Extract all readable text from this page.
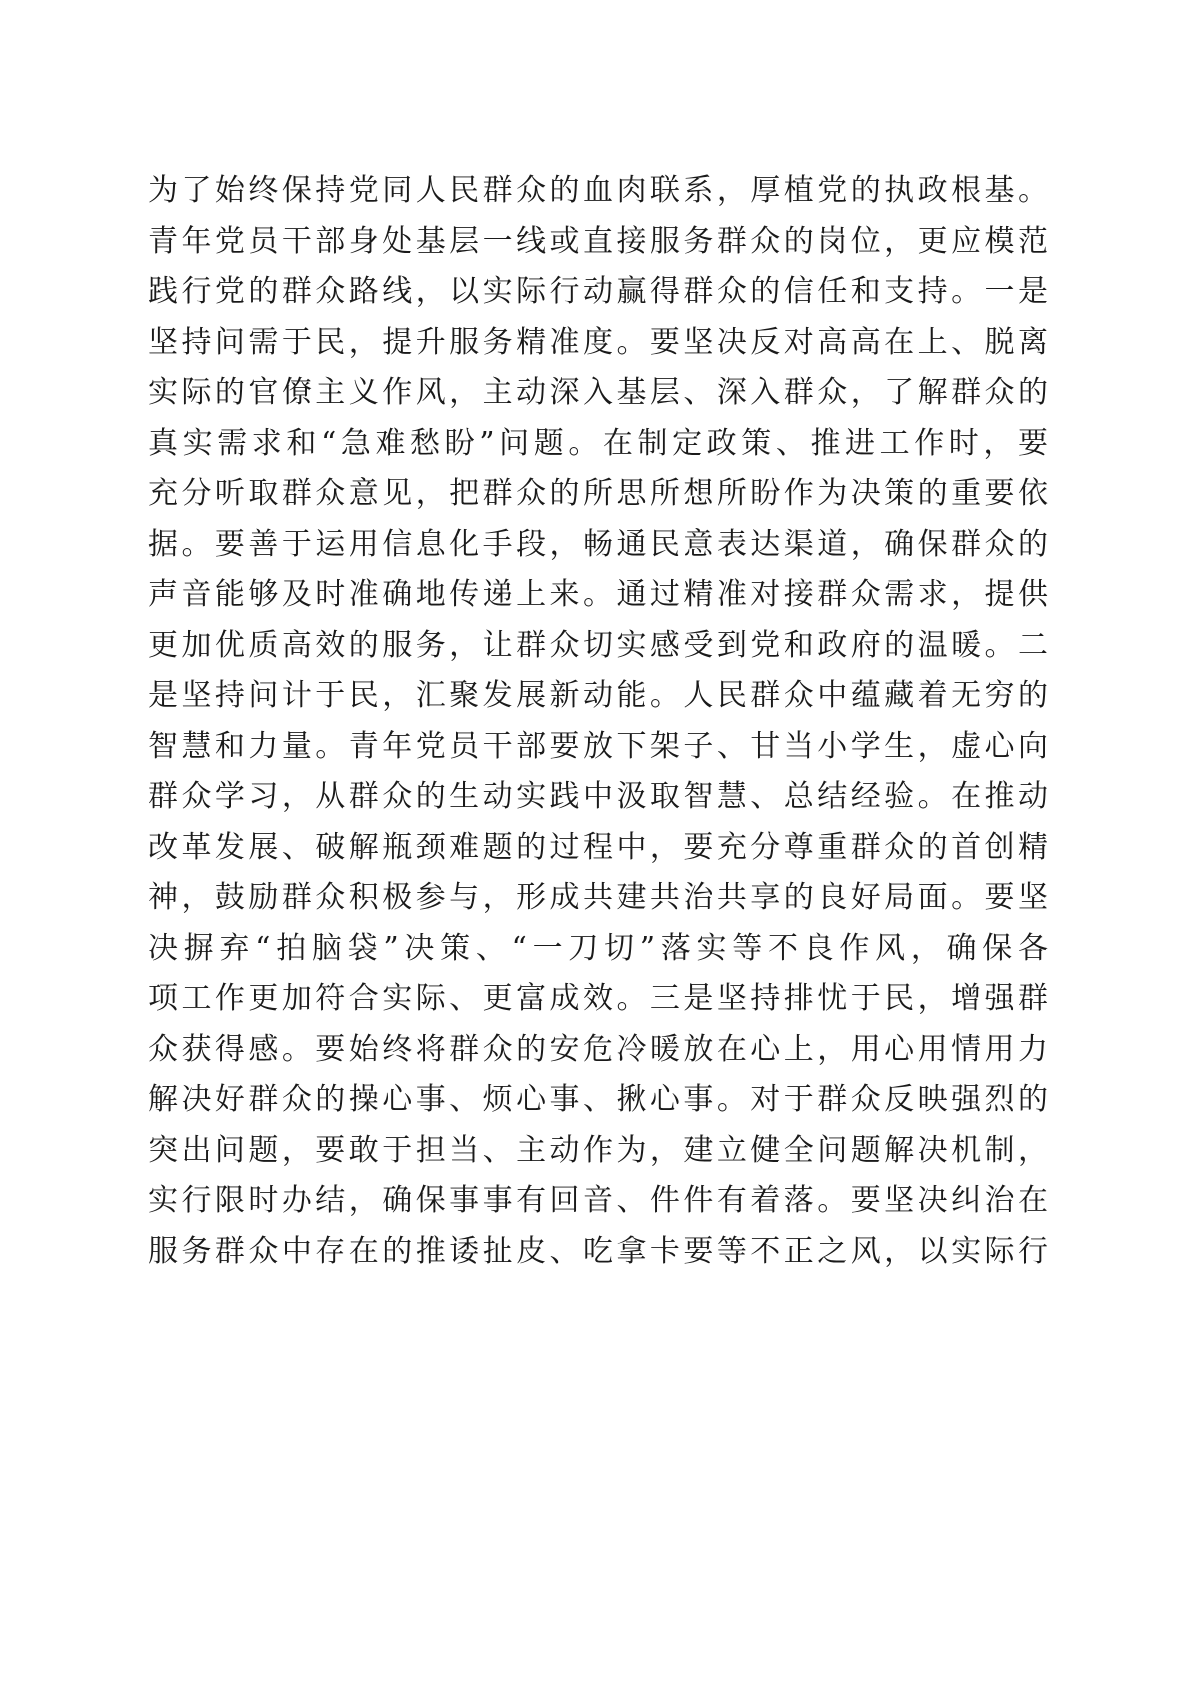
为了始终保持党同人民群众的血肉联系，厚植党的执政根基。
青年党员干部身处基层一线或直接服务群众的岗位，更应模范
践行党的群众路线，以实际行动赢得群众的信任和支持。一是
坚持问需于民，提升服务精准度。要坚决反对高高在上、脱离
实际的官僚主义作风，主动深入基层、深入群众，了解群众的
真实需求和“急难愁盼”问题。在制定政策、推进工作时，要
充分听取群众意见，把群众的所思所想所盼作为决策的重要依
据。要善于运用信息化手段，畅通民意表达渠道，确保群众的
声音能够及时准确地传递上来。通过精准对接群众需求，提供
更加优质高效的服务，让群众切实感受到党和政府的温暖。二
是坚持问计于民，汇聚发展新动能。人民群众中蕴藏着无穷的
智慧和力量。青年党员干部要放下架子、甘当小学生，虚心向
群众学习，从群众的生动实践中汲取智慧、总结经验。在推动
改革发展、破解瓶颈难题的过程中，要充分尊重群众的首创精
神，鼓励群众积极参与，形成共建共治共享的良好局面。要坚
决摒弃“拍脑袋”决策、“一刀切”落实等不良作风，确保各
项工作更加符合实际、更富成效。三是坚持排忧于民，增强群
众获得感。要始终将群众的安危冷暖放在心上，用心用情用力
解决好群众的操心事、烦心事、揪心事。对于群众反映强烈的
突出问题，要敢于担当、主动作为，建立健全问题解决机制，
实行限时办结，确保事事有回音、件件有着落。要坚决纠治在
服务群众中存在的推诿扯皮、吃拿卡要等不正之风，以实际行
